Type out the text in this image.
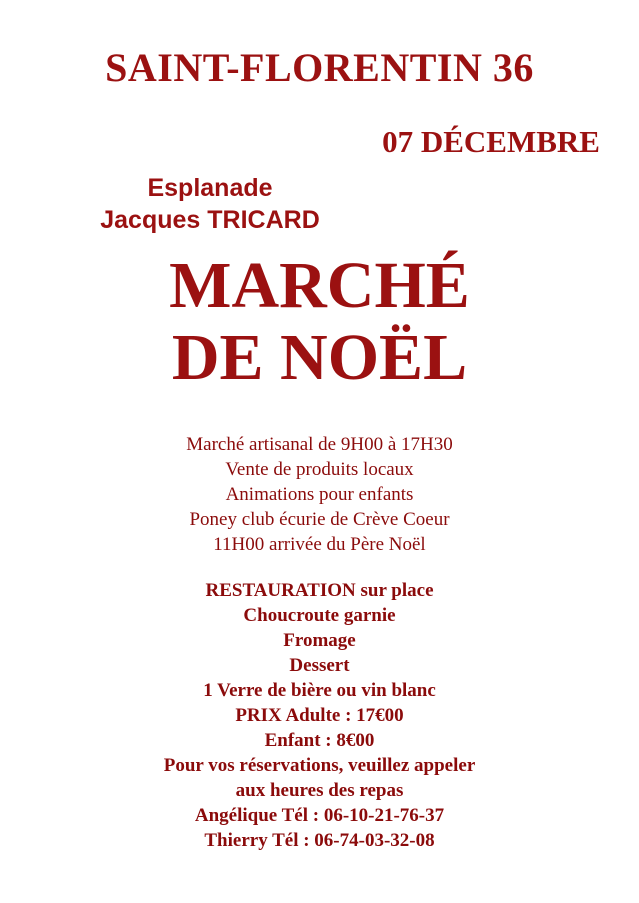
SAINT-FLORENTIN 36
07 DÉCEMBRE
Esplanade
Jacques TRICARD
MARCHÉ
DE NOËL
Marché artisanal de 9H00 à 17H30
Vente de produits locaux
Animations pour enfants
Poney club écurie de Crève Coeur
11H00 arrivée du Père Noël
RESTAURATION sur place
Choucroute garnie
Fromage
Dessert
1 Verre de bière ou vin blanc
PRIX Adulte : 17€00
Enfant : 8€00
Pour vos réservations, veuillez appeler
aux heures des repas
Angélique Tél : 06-10-21-76-37
Thierry Tél : 06-74-03-32-08
